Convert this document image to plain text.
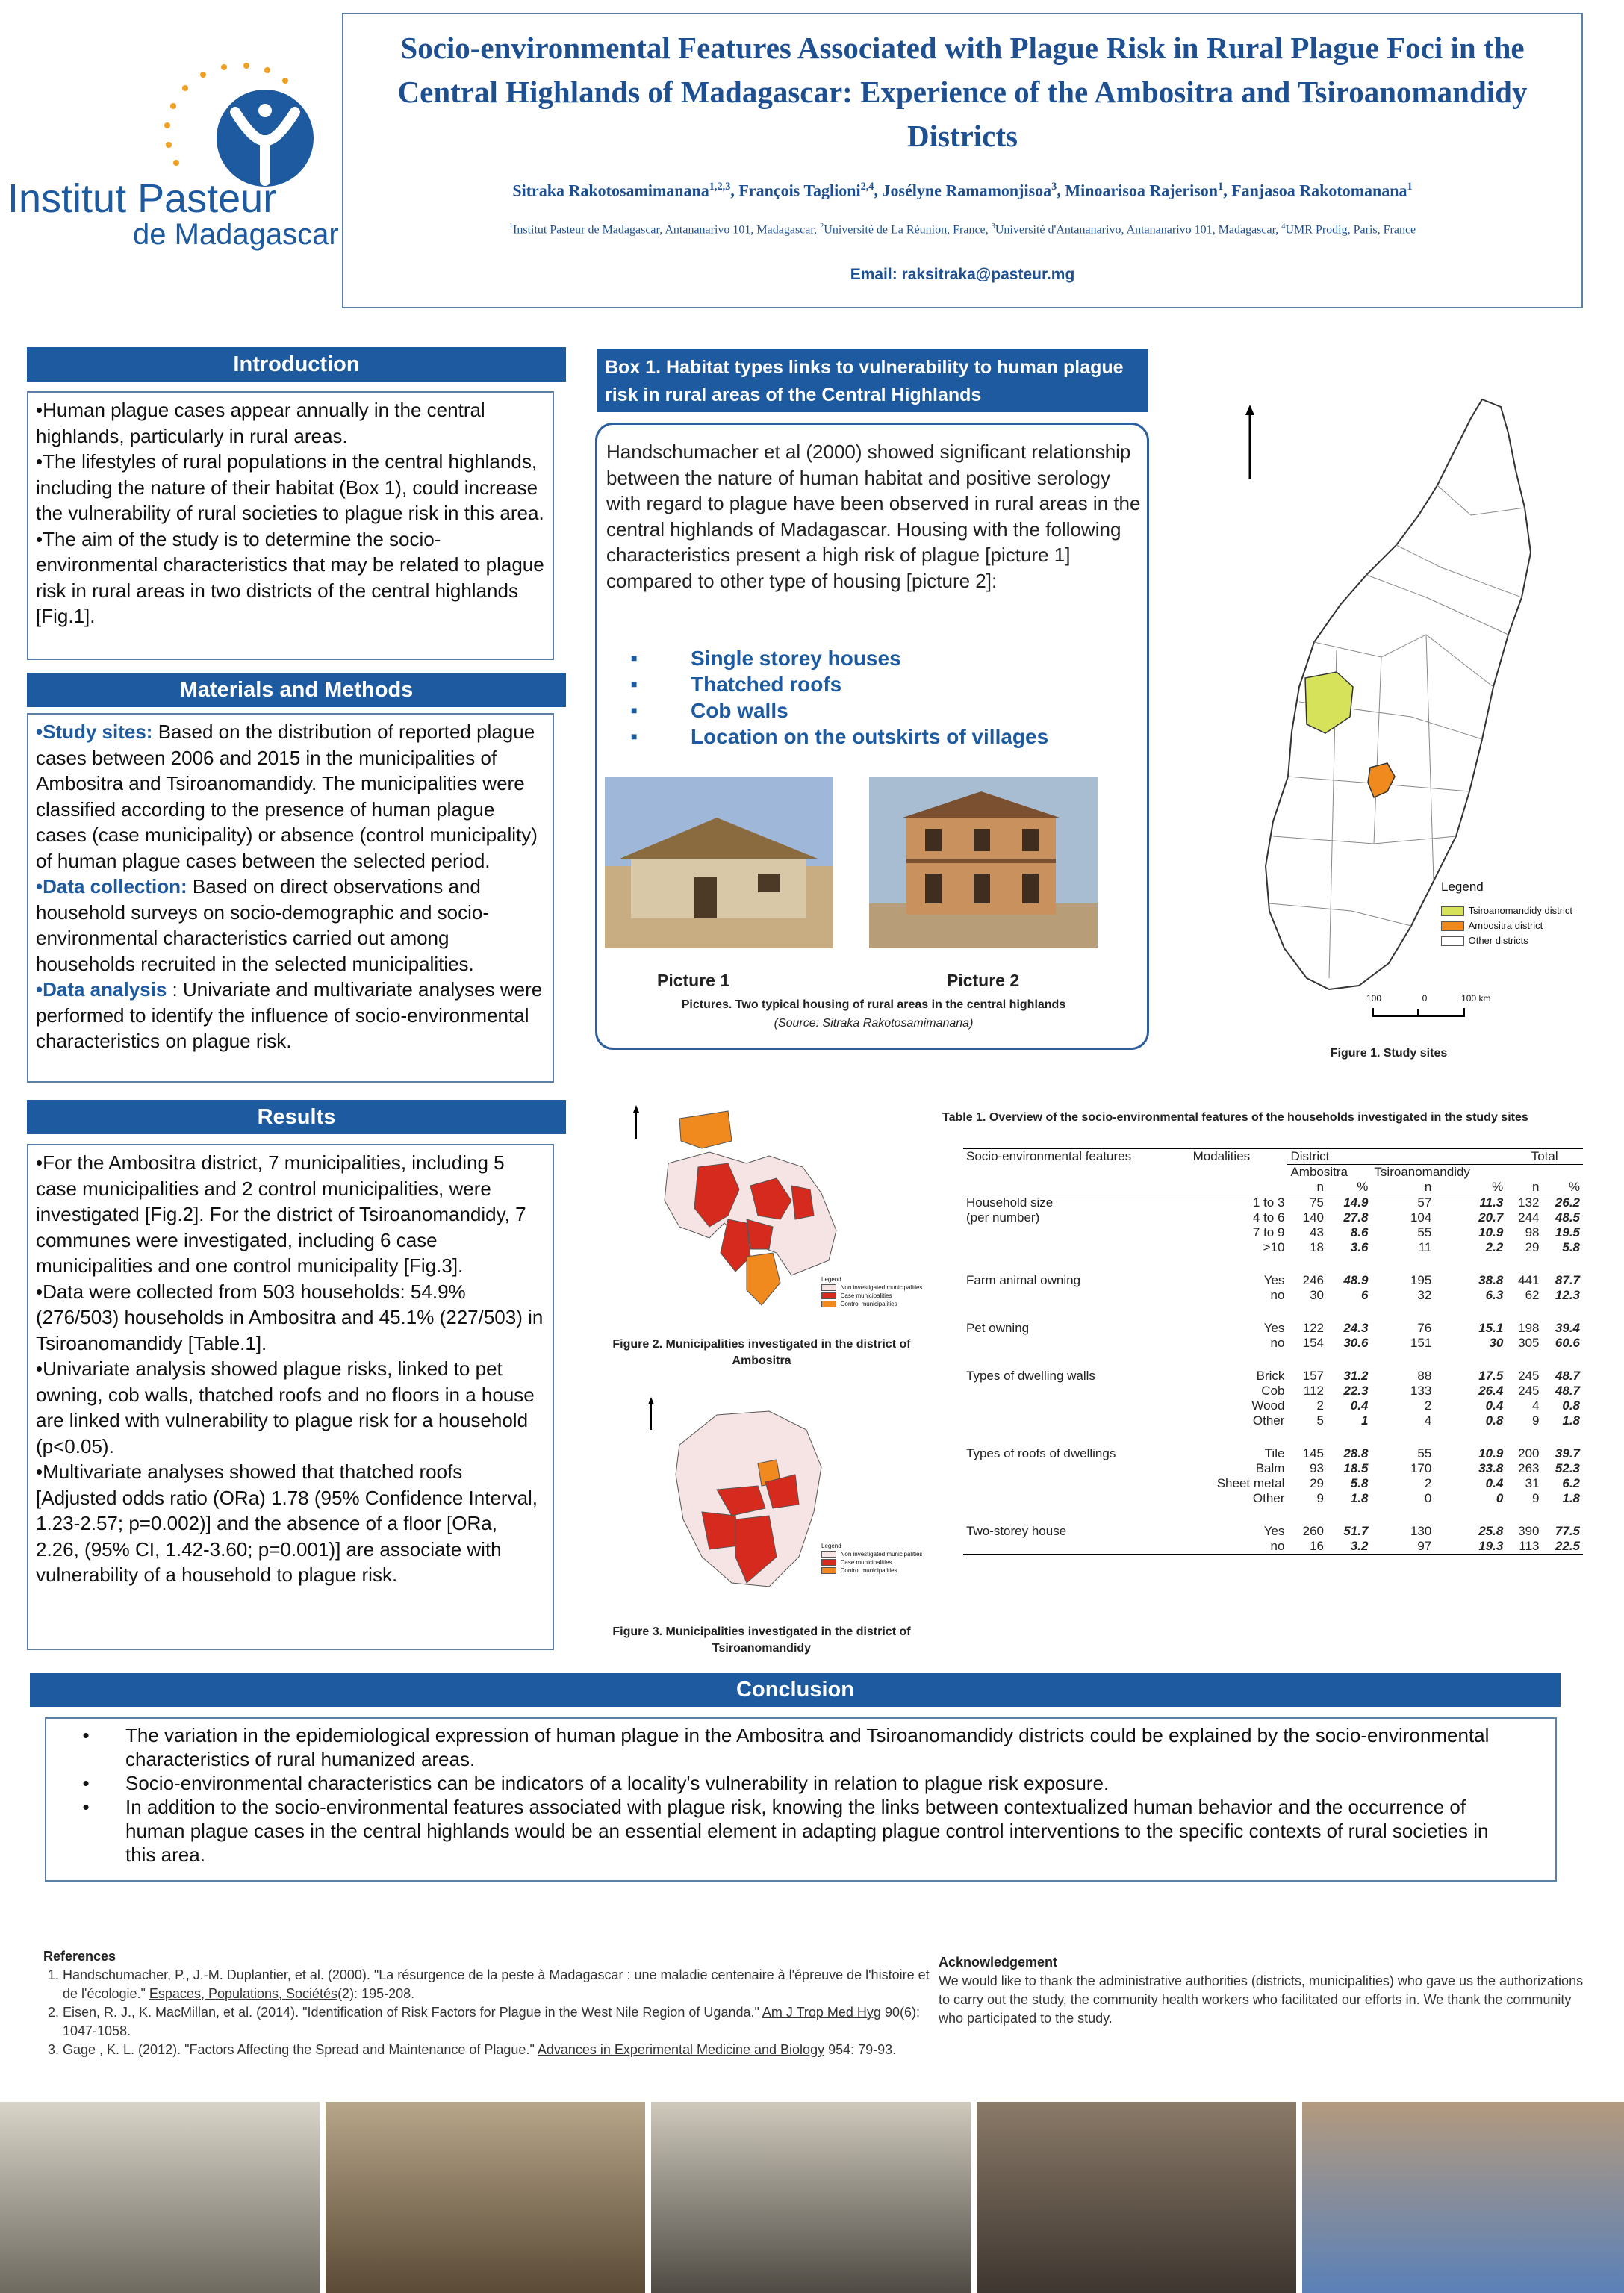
Institut Pasteur
de Madagascar
Socio-environmental Features Associated with Plague Risk in Rural Plague Foci in the Central Highlands of Madagascar: Experience of the Ambositra and Tsiroanomandidy Districts
Sitraka Rakotosamimanana$^{1,2,3}$, François Taglioni$^{2,4}$, Josélyne Ramamonjisoa$^3$, Minoarisoa Rajerison$^1$, Fanjasoa Rakotomanana$^1$
$^1$Institut Pasteur de Madagascar, Antananarivo 101, Madagascar, $^2$Université de La Réunion, France, $^3$Université d'Antananarivo, Antananarivo 101, Madagascar, $^4$UMR Prodig, Paris, France
Email: raksitraka@pasteur.mg
Introduction
•Human plague cases appear annually in the central highlands, particularly in rural areas.
•The lifestyles of rural populations in the central highlands, including the nature of their habitat (Box 1), could increase the vulnerability of rural societies to plague risk in this area.
•The aim of the study is to determine the socio-environmental characteristics that may be related to plague risk in rural areas in two districts of the central highlands [Fig.1].
Materials and Methods
•Study sites: Based on the distribution of reported plague cases between 2006 and 2015 in the municipalities of Ambositra and Tsiroanomandidy. The municipalities were classified according to the presence of human plague cases (case municipality) or absence (control municipality) of human plague cases between the selected period.
•Data collection: Based on direct observations and household surveys on socio-demographic and socio-environmental characteristics carried out among households recruited in the selected municipalities.
•Data analysis : Univariate and multivariate analyses were performed to identify the influence of socio-environmental characteristics on plague risk.
Results
•For the Ambositra district, 7 municipalities, including 5 case municipalities and 2 control municipalities, were investigated [Fig.2]. For the district of Tsiroanomandidy, 7 communes were investigated, including 6 case municipalities and one control municipality [Fig.3].
•Data were collected from 503 households: 54.9% (276/503) households in Ambositra and 45.1% (227/503) in Tsiroanomandidy [Table.1].
•Univariate analysis showed plague risks, linked to pet owning, cob walls, thatched roofs and no floors in a house are linked with vulnerability to plague risk for a household (p<0.05).
•Multivariate analyses showed that thatched roofs [Adjusted odds ratio (ORa) 1.78 (95% Confidence Interval, 1.23-2.57; p=0.002)] and the absence of a floor [ORa, 2.26, (95% CI, 1.42-3.60; p=0.001)] are associate with vulnerability of a household to plague risk.
Box 1. Habitat types links to vulnerability to human plague risk in rural areas of the Central Highlands
Handschumacher et al (2000) showed significant relationship between the nature of human habitat and positive serology with regard to plague have been observed in rural areas in the central highlands of Madagascar. Housing with the following characteristics present a high risk of plague [picture 1] compared to other type of housing [picture 2]:
■	Single storey houses
■	Thatched roofs
■	Cob walls
■	Location on the outskirts of villages
Picture 1	Picture 2
Pictures. Two typical housing of rural areas in the central highlands
(Source: Sitraka Rakotosamimanana)
Legend
Tsiroanomandidy district
Ambositra district
Other districts
100	0	100 km
Figure 1. Study sites
Legend
Non investigated municipalities
Case municipalities
Control municipalities
Figure 2. Municipalities investigated in the district of Ambositra
Legend
Non investigated municipalities
Case municipalities
Control municipalities
Figure 3. Municipalities investigated in the district of Tsiroanomandidy
Table 1. Overview of the socio-environmental features of the households investigated in the study sites
Socio-environmental features	Modalities	District				Total	
		Ambositra		Tsiroanomandidy			
		n	%	n	%	n	%
Household size	1 to 3	75	14.9	57	11.3	132	26.2
(per number)	4 to 6	140	27.8	104	20.7	244	48.5
	7 to 9	43	8.6	55	10.9	98	19.5
	>10	18	3.6	11	2.2	29	5.8

Farm animal owning	Yes	246	48.9	195	38.8	441	87.7
	no	30	6	32	6.3	62	12.3

Pet owning	Yes	122	24.3	76	15.1	198	39.4
	no	154	30.6	151	30	305	60.6

Types of dwelling walls	Brick	157	31.2	88	17.5	245	48.7
	Cob	112	22.3	133	26.4	245	48.7
	Wood	2	0.4	2	0.4	4	0.8
	Other	5	1	4	0.8	9	1.8

Types of roofs of dwellings	Tile	145	28.8	55	10.9	200	39.7
	Balm	93	18.5	170	33.8	263	52.3
	Sheet metal	29	5.8	2	0.4	31	6.2
	Other	9	1.8	0	0	9	1.8

Two-storey house	Yes	260	51.7	130	25.8	390	77.5
	no	16	3.2	97	19.3	113	22.5
Conclusion
•	The variation in the epidemiological expression of human plague in the Ambositra and Tsiroanomandidy districts could be explained by the socio-environmental characteristics of rural humanized areas.
•	Socio-environmental characteristics can be indicators of a locality's vulnerability in relation to plague risk exposure.
•	In addition to the socio-environmental features associated with plague risk, knowing the links between contextualized human behavior and the occurrence of human plague cases in the central highlands would be an essential element in adapting plague control interventions to the specific contexts of rural societies in this area.
References
1. Handschumacher, P., J.-M. Duplantier, et al. (2000). "La résurgence de la peste à Madagascar : une maladie centenaire à l'épreuve de l'histoire et de l'écologie." Espaces, Populations, Sociétés(2): 195-208.
2. Eisen, R. J., K. MacMillan, et al. (2014). "Identification of Risk Factors for Plague in the West Nile Region of Uganda." Am J Trop Med Hyg 90(6): 1047-1058.
3. Gage , K. L. (2012). "Factors Affecting the Spread and Maintenance of Plague." Advances in Experimental Medicine and Biology 954: 79-93.
Acknowledgement
We would like to thank the administrative authorities (districts, municipalities) who gave us the authorizations to carry out the study, the community health workers who facilitated our efforts in. We thank the community who participated to the study.
